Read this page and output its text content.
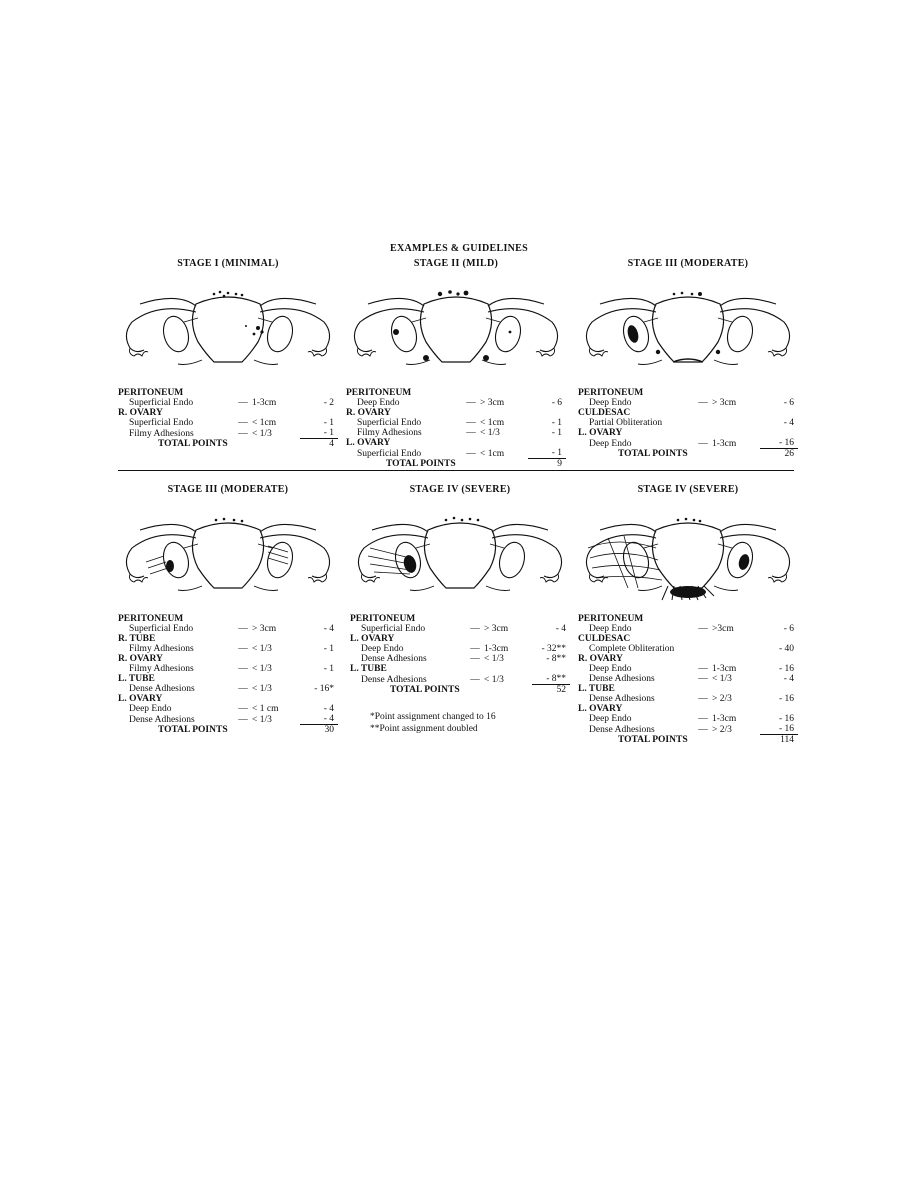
EXAMPLES & GUIDELINES
STAGE I (MINIMAL)
PERITONEUM			
Superficial Endo	—	1-3cm	- 2
R. OVARY			
Superficial Endo	—	< 1cm	- 1
Filmy Adhesions	—	< 1/3	- 1
TOTAL POINTS			4
STAGE II (MILD)
PERITONEUM			
Deep Endo	—	> 3cm	- 6
R. OVARY			
Superficial Endo	—	< 1cm	- 1
Filmy Adhesions	—	< 1/3	- 1
L. OVARY			
Superficial Endo	—	< 1cm	- 1
TOTAL POINTS			9
STAGE III (MODERATE)
PERITONEUM			
Deep Endo	—	> 3cm	- 6
CULDESAC			
Partial Obliteration			- 4
L. OVARY			
Deep Endo	—	1-3cm	- 16
TOTAL POINTS			26
STAGE III (MODERATE)
PERITONEUM			
Superficial Endo	—	> 3cm	- 4
R. TUBE			
Filmy Adhesions	—	< 1/3	- 1
R. OVARY			
Filmy Adhesions	—	< 1/3	- 1
L. TUBE			
Dense Adhesions	—	< 1/3	- 16*
L. OVARY			
Deep Endo	—	< 1 cm	- 4
Dense Adhesions	—	< 1/3	- 4
TOTAL POINTS			30
STAGE IV (SEVERE)
PERITONEUM			
Superficial Endo	—	> 3cm	- 4
L. OVARY			
Deep Endo	—	1-3cm	- 32**
Dense Adhesions	—	< 1/3	- 8**
L. TUBE			
Dense Adhesions	—	< 1/3	- 8**
TOTAL POINTS			52
STAGE IV (SEVERE)
PERITONEUM			
Deep Endo	—	>3cm	- 6
CULDESAC			
Complete Obliteration			- 40
R. OVARY			
Deep Endo	—	1-3cm	- 16
Dense Adhesions	—	< 1/3	- 4
L. TUBE			
Dense Adhesions	—	> 2/3	- 16
L. OVARY			
Deep Endo	—	1-3cm	- 16
Dense Adhesions	—	> 2/3	- 16
TOTAL POINTS			114
*Point assignment changed to 16
**Point assignment doubled
